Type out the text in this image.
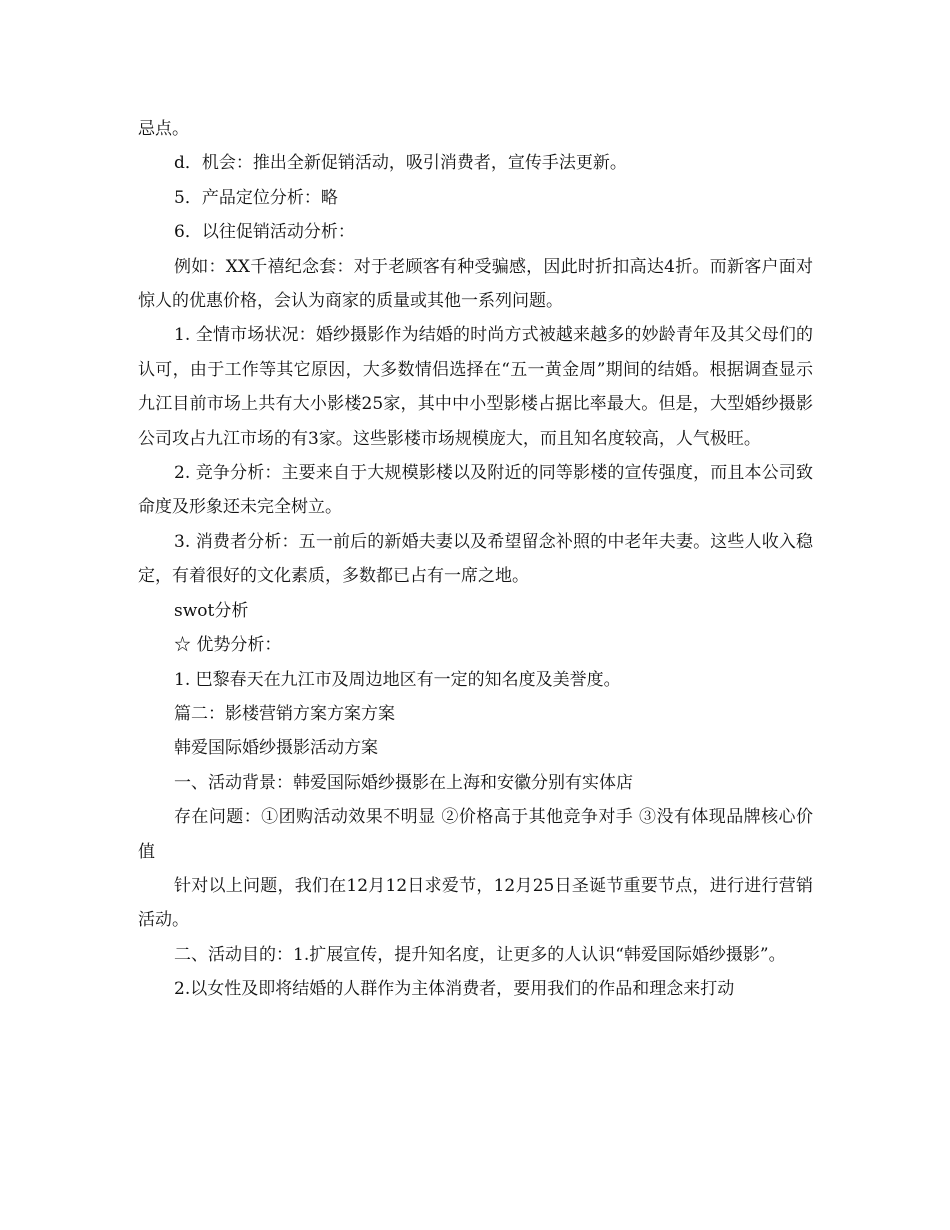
忌点。

d．机会：推出全新促销活动，吸引消费者，宣传手法更新。

5．产品定位分析：略

6．以往促销活动分析：

例如：XX千禧纪念套：对于老顾客有种受骗感，因此时折扣高达4折。而新客户面对惊人的优惠价格，会认为商家的质量或其他一系列问题。

1. 全情市场状况：婚纱摄影作为结婚的时尚方式被越来越多的妙龄青年及其父母们的认可，由于工作等其它原因，大多数情侣选择在“五一黄金周”期间的结婚。根据调查显示九江目前市场上共有大小影楼25家，其中中小型影楼占据比率最大。但是，大型婚纱摄影公司攻占九江市场的有3家。这些影楼市场规模庞大，而且知名度较高，人气极旺。

2. 竞争分析：主要来自于大规模影楼以及附近的同等影楼的宣传强度，而且本公司致命度及形象还未完全树立。

3. 消费者分析：五一前后的新婚夫妻以及希望留念补照的中老年夫妻。这些人收入稳定，有着很好的文化素质，多数都已占有一席之地。

swot分析

☆ 优势分析：

1. 巴黎春天在九江市及周边地区有一定的知名度及美誉度。

篇二：影楼营销方案方案方案

韩爱国际婚纱摄影活动方案

一、活动背景：韩爱国际婚纱摄影在上海和安徽分别有实体店

存在问题：①团购活动效果不明显 ②价格高于其他竞争对手 ③没有体现品牌核心价值

针对以上问题，我们在12月12日求爱节，12月25日圣诞节重要节点，进行进行营销活动。

二、活动目的：1.扩展宣传，提升知名度，让更多的人认识“韩爱国际婚纱摄影”。

2.以女性及即将结婚的人群作为主体消费者，要用我们的作品和理念来打动
